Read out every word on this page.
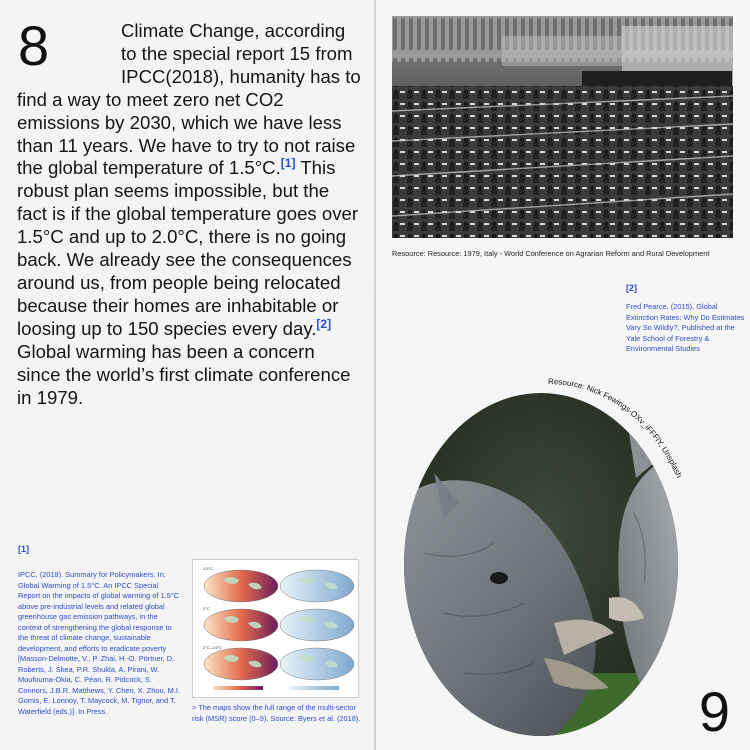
8	Climate Change, according to the special report 15 from IPCC(2018), humanity has to find a way to meet zero net CO2 emissions by 2030, which we have less than 11 years. We have to try to not raise the global temperature of 1.5°C.[1] This robust plan seems impossible, but the fact is if the global temperature goes over 1.5°C and up to 2.0°C, there is no going back. We already see the consequences around us, from people being relocated because their homes are inhabitable or loosing up to 150 species every day.[2] Global warming has been a concern since the world’s first climate conference in 1979.
[1]
IPCC, (2018). Summary for Policymakers. In: Global Warming of 1.5°C. An IPCC Special Report on the impacts of global warming of 1.5°C above pre-industrial levels and related global greenhouse gas emission pathways, in the context of strengthening the global response to the threat of climate change, sustainable development, and efforts to eradicate poverty [Masson-Delmotte, V., P. Zhai, H.-O. Pörtner, D. Roberts, J. Skea, P.R. Shukla, A. Pirani, W. Moufouma-Okia, C. Péan, R. Pidcock, S. Connors, J.B.R. Matthews, Y. Chen, X. Zhou, M.I. Gomis, E. Lonnoy, T. Maycock, M. Tignor, and T. Waterfield (eds.)]. In Press.
1.5°C
2°C
2°C–1.5°C
> The maps show the full range of the multi-sector risk (MSR) score (0–9). Source: Byers et al. (2018).
Resource: Resource: 1979, Italy - World Conference on Agrarian Reform and Rural Development
[2]
Fred Pearce, (2015). Global Extinction Rates: Why Do Estimates Vary So Wildly?, Published at the Yale School of Forestry & Environmental Studies
Resource: Nick Fewings-OXv_iFFFlY, Unsplash
9
